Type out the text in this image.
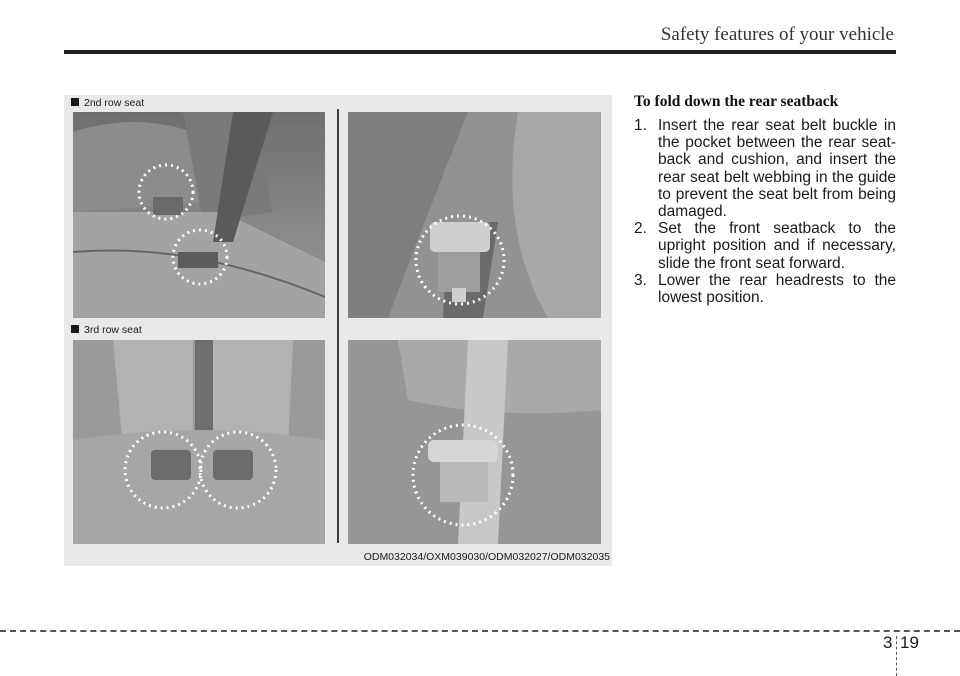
Safety features of your vehicle
2nd row seat
3rd row seat
ODM032034/OXM039030/ODM032027/ODM032035
To fold down the rear seatback
1. Insert the rear seat belt buckle in the pocket between the rear seat-back and cushion, and insert the rear seat belt webbing in the guide to prevent the seat belt from being damaged.
2. Set the front seatback to the upright position and if necessary, slide the front seat forward.
3. Lower the rear headrests to the lowest position.
3 19
